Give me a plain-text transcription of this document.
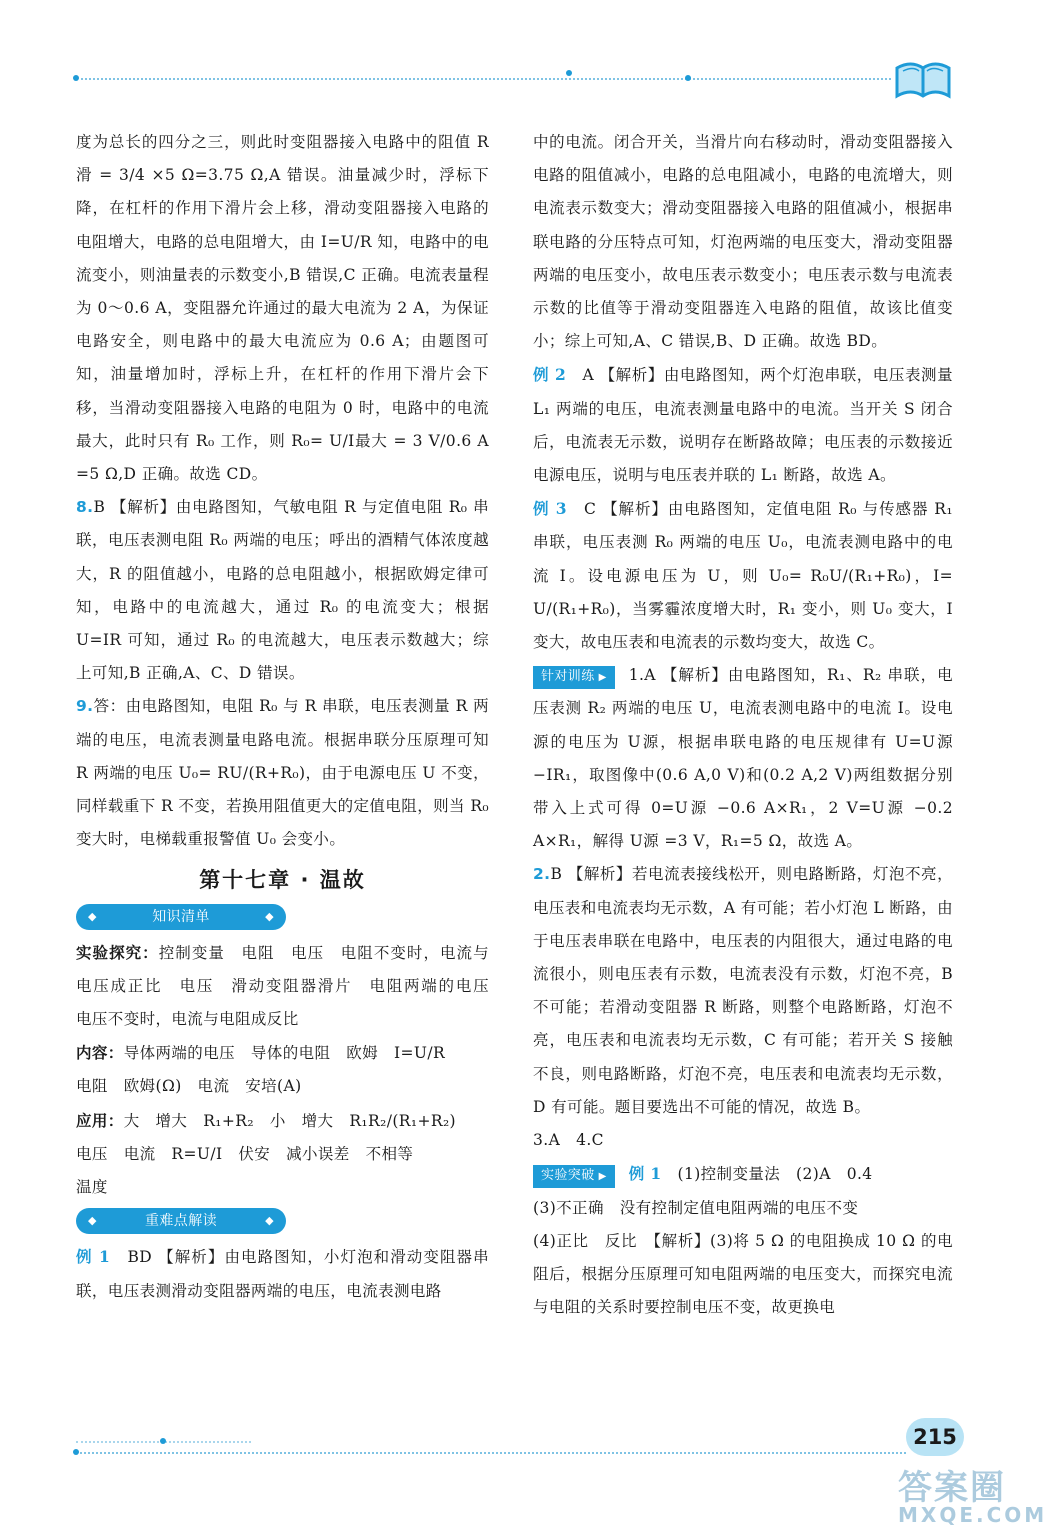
度为总长的四分之三，则此时变阻器接入电路中的阻值 R滑 = 3/4 ×5 Ω=3.75 Ω,A 错误。油量减少时，浮标下降，在杠杆的作用下滑片会上移，滑动变阻器接入电路的电阻增大，电路的总电阻增大，由 I=U/R 知，电路中的电流变小，则油量表的示数变小,B 错误,C 正确。电流表量程为 0～0.6 A，变阻器允许通过的最大电流为 2 A，为保证电路安全，则电路中的最大电流应为 0.6 A；由题图可知，油量增加时，浮标上升，在杠杆的作用下滑片会下移，当滑动变阻器接入电路的电阻为 0 时，电路中的电流最大，此时只有 R₀ 工作，则 R₀= U/I最大 = 3 V/0.6 A =5 Ω,D 正确。故选 CD。

8.B 【解析】由电路图知，气敏电阻 R 与定值电阻 R₀ 串联，电压表测电阻 R₀ 两端的电压；呼出的酒精气体浓度越大，R 的阻值越小，电路的总电阻越小，根据欧姆定律可知，电路中的电流越大，通过 R₀ 的电流变大；根据 U=IR 可知，通过 R₀ 的电流越大，电压表示数越大；综上可知,B 正确,A、C、D 错误。

9.答：由电路图知，电阻 R₀ 与 R 串联，电压表测量 R 两端的电压，电流表测量电路电流。根据串联分压原理可知 R 两端的电压 U₀= RU/(R+R₀)，由于电源电压 U 不变，同样载重下 R 不变，若换用阻值更大的定值电阻，则当 R₀ 变大时，电梯载重报警值 U₀ 会变小。

第十七章 · 温故
◆	知识清单	◆

实验探究：控制变量　电阻　电压　电阻不变时，电流与电压成正比　电压　滑动变阻器滑片　电阻两端的电压　电压不变时，电流与电阻成反比

内容：导体两端的电压　导体的电阻　欧姆　I=U/R

电阻　欧姆(Ω)　电流　安培(A)

应用：大　增大　R₁+R₂　小　增大　R₁R₂/(R₁+R₂)

电压　电流　R=U/I　伏安　减小误差　不相等

温度

◆	重难点解读	◆

例 1　 BD 【解析】由电路图知，小灯泡和滑动变阻器串联，电压表测滑动变阻器两端的电压，电流表测电路

中的电流。闭合开关，当滑片向右移动时，滑动变阻器接入电路的阻值减小，电路的总电阻减小，电路的电流增大，则电流表示数变大；滑动变阻器接入电路的阻值减小，根据串联电路的分压特点可知，灯泡两端的电压变大，滑动变阻器两端的电压变小，故电压表示数变小；电压表示数与电流表示数的比值等于滑动变阻器连入电路的阻值，故该比值变小；综上可知,A、C 错误,B、D 正确。故选 BD。

例 2　 A 【解析】由电路图知，两个灯泡串联，电压表测量 L₁ 两端的电压，电流表测量电路中的电流。当开关 S 闭合后，电流表无示数，说明存在断路故障；电压表的示数接近电源电压，说明与电压表并联的 L₁ 断路，故选 A。

例 3　 C 【解析】由电路图知，定值电阻 R₀ 与传感器 R₁ 串联，电压表测 R₀ 两端的电压 U₀，电流表测电路中的电流 I。设电源电压为 U，则 U₀= R₀U/(R₁+R₀)，I= U/(R₁+R₀)，当雾霾浓度增大时，R₁ 变小，则 U₀ 变大，I 变大，故电压表和电流表的示数均变大，故选 C。

针对训练 ▶ 1.A 【解析】由电路图知，R₁、R₂ 串联，电压表测 R₂ 两端的电压 U，电流表测电路中的电流 I。设电源的电压为 U源，根据串联电路的电压规律有 U=U源 −IR₁，取图像中(0.6 A,0 V)和(0.2 A,2 V)两组数据分别带入上式可得 0=U源 −0.6 A×R₁，2 V=U源 −0.2 A×R₁，解得 U源 =3 V，R₁=5 Ω，故选 A。

2.B 【解析】若电流表接线松开，则电路断路，灯泡不亮，电压表和电流表均无示数，A 有可能；若小灯泡 L 断路，由于电压表串联在电路中，电压表的内阻很大，通过电路的电流很小，则电压表有示数，电流表没有示数，灯泡不亮，B 不可能；若滑动变阻器 R 断路，则整个电路断路，灯泡不亮，电压表和电流表均无示数，C 有可能；若开关 S 接触不良，则电路断路，灯泡不亮，电压表和电流表均无示数，D 有可能。题目要选出不可能的情况，故选 B。

3.A　4.C

实验突破 ▶ 例 1　 (1)控制变量法　(2)A　0.4

(3)不正确　没有控制定值电阻两端的电压不变

(4)正比　反比　【解析】(3)将 5 Ω 的电阻换成 10 Ω 的电阻后，根据分压原理可知电阻两端的电压变大，而探究电流与电阻的关系时要控制电压不变，故更换电

215
答案圈
MXQE.COM
